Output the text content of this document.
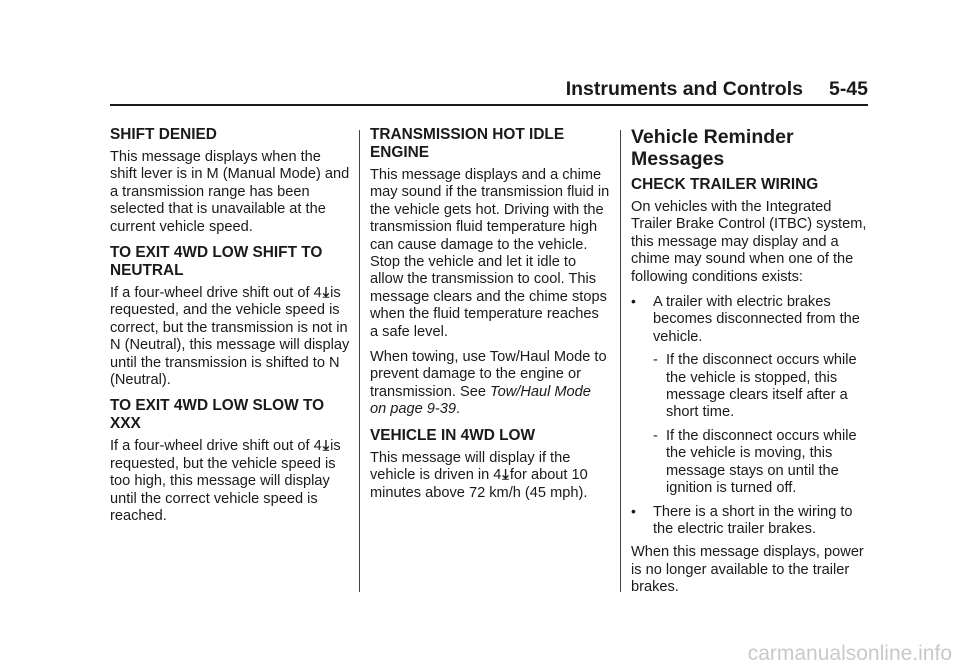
Instruments and Controls 5-45
SHIFT DENIED

This message displays when the shift lever is in M (Manual Mode) and a transmission range has been selected that is unavailable at the current vehicle speed.

TO EXIT 4WD LOW SHIFT TO NEUTRAL

If a four-wheel drive shift out of 4⤓is requested, and the vehicle speed is correct, but the transmission is not in N (Neutral), this message will display until the transmission is shifted to N (Neutral).

TO EXIT 4WD LOW SLOW TO XXX

If a four-wheel drive shift out of 4⤓is requested, but the vehicle speed is too high, this message will display until the correct vehicle speed is reached.

TRANSMISSION HOT IDLE ENGINE

This message displays and a chime may sound if the transmission fluid in the vehicle gets hot. Driving with the transmission fluid temperature high can cause damage to the vehicle. Stop the vehicle and let it idle to allow the transmission to cool. This message clears and the chime stops when the fluid temperature reaches a safe level.

When towing, use Tow/Haul Mode to prevent damage to the engine or transmission. See Tow/Haul Mode on page 9-39.

VEHICLE IN 4WD LOW

This message will display if the vehicle is driven in 4⤓for about 10 minutes above 72 km/h (45 mph).

Vehicle Reminder Messages
CHECK TRAILER WIRING

On vehicles with the Integrated Trailer Brake Control (ITBC) system, this message may display and a chime may sound when one of the following conditions exists:

• A trailer with electric brakes becomes disconnected from the vehicle.
- If the disconnect occurs while the vehicle is stopped, this message clears itself after a short time.
- If the disconnect occurs while the vehicle is moving, this message stays on until the ignition is turned off.
• There is a short in the wiring to the electric trailer brakes.

When this message displays, power is no longer available to the trailer brakes.

carmanualsonline.info
